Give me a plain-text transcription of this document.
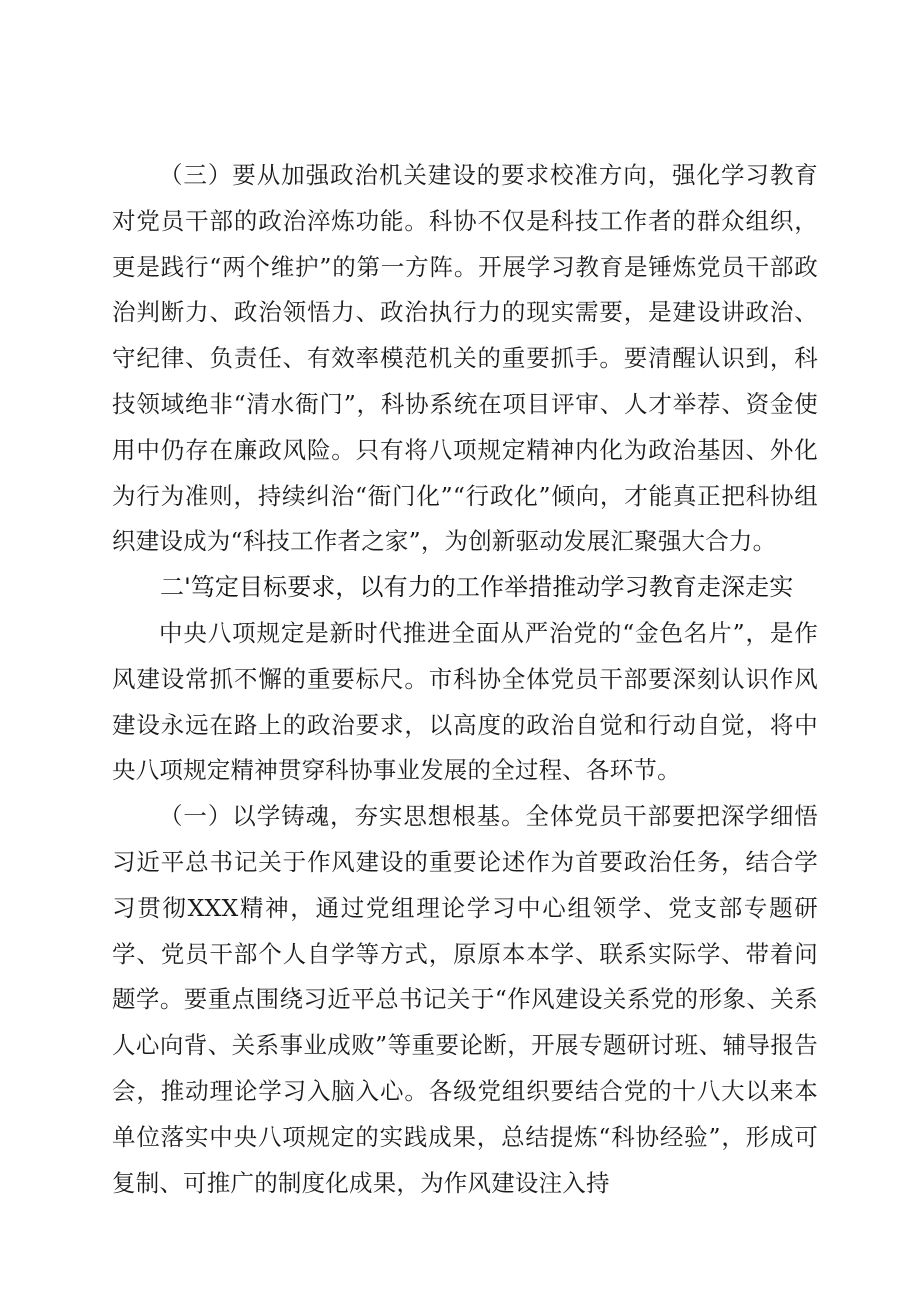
（三）要从加强政治机关建设的要求校准方向，强化学习教育对党员干部的政治淬炼功能。科协不仅是科技工作者的群众组织，更是践行“两个维护”的第一方阵。开展学习教育是锤炼党员干部政治判断力、政治领悟力、政治执行力的现实需要，是建设讲政治、守纪律、负责任、有效率模范机关的重要抓手。要清醒认识到，科技领域绝非“清水衙门”，科协系统在项目评审、人才举荐、资金使用中仍存在廉政风险。只有将八项规定精神内化为政治基因、外化为行为准则，持续纠治“衙门化”“行政化”倾向，才能真正把科协组织建设成为“科技工作者之家”，为创新驱动发展汇聚强大合力。

二'笃定目标要求，以有力的工作举措推动学习教育走深走实

中央八项规定是新时代推进全面从严治党的“金色名片”，是作风建设常抓不懈的重要标尺。市科协全体党员干部要深刻认识作风建设永远在路上的政治要求，以高度的政治自觉和行动自觉，将中央八项规定精神贯穿科协事业发展的全过程、各环节。

（一）以学铸魂，夯实思想根基。全体党员干部要把深学细悟习近平总书记关于作风建设的重要论述作为首要政治任务，结合学习贯彻XXX精神，通过党组理论学习中心组领学、党支部专题研学、党员干部个人自学等方式，原原本本学、联系实际学、带着问题学。要重点围绕习近平总书记关于“作风建设关系党的形象、关系人心向背、关系事业成败”等重要论断，开展专题研讨班、辅导报告会，推动理论学习入脑入心。各级党组织要结合党的十八大以来本单位落实中央八项规定的实践成果，总结提炼“科协经验”，形成可复制、可推广的制度化成果，为作风建设注入持
